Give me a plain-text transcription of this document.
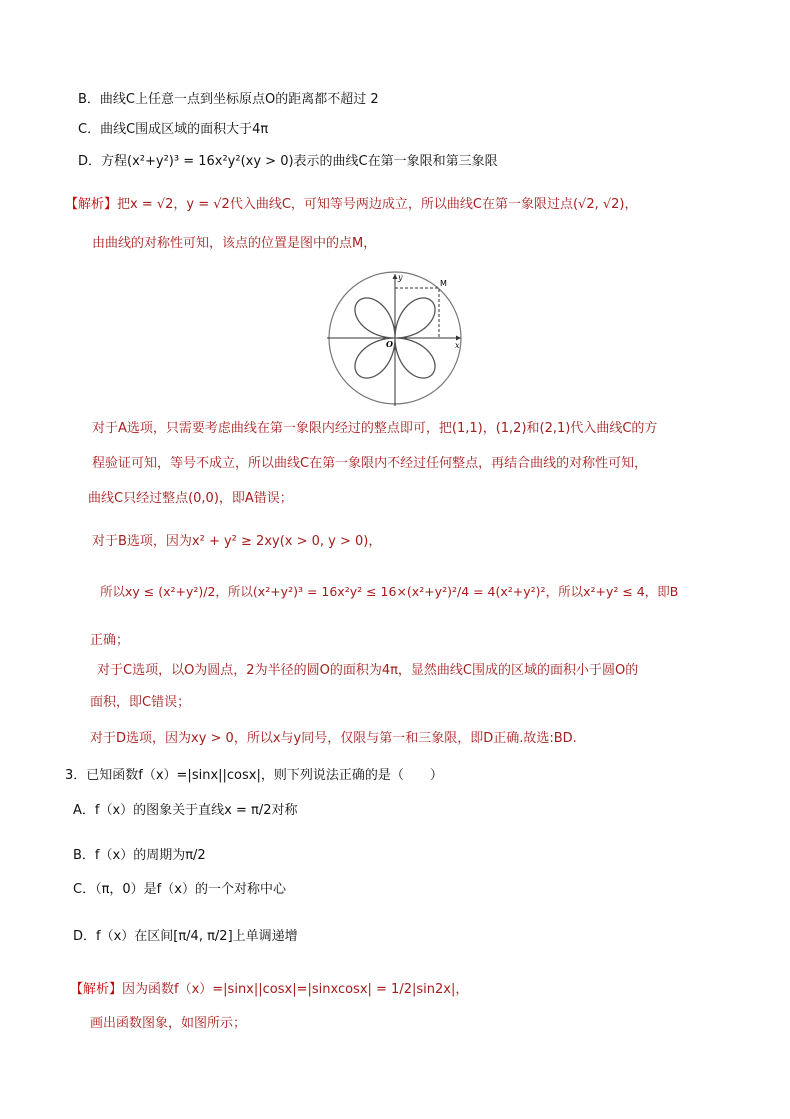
B．曲线C上任意一点到坐标原点O的距离都不超过 2
C．曲线C围成区域的面积大于4π
D．方程(x²+y²)³ = 16x²y²(xy > 0)表示的曲线C在第一象限和第三象限
【解析】把x = √2，y = √2代入曲线C，可知等号两边成立，所以曲线C在第一象限过点(√2, √2)，
由曲线的对称性可知，该点的位置是图中的点M，
y
x
O
M
对于A选项，只需要考虑曲线在第一象限内经过的整点即可，把(1,1)，(1,2)和(2,1)代入曲线C的方
程验证可知，等号不成立，所以曲线C在第一象限内不经过任何整点，再结合曲线的对称性可知，
曲线C只经过整点(0,0)，即A错误；
对于B选项，因为x² + y² ≥ 2xy(x > 0, y > 0)，
所以xy ≤ (x²+y²)/2，所以(x²+y²)³ = 16x²y² ≤ 16×(x²+y²)²/4 = 4(x²+y²)²，所以x²+y² ≤ 4，即B
正确；
对于C选项，以O为圆点，2为半径的圆O的面积为4π，显然曲线C围成的区域的面积小于圆O的
面积，即C错误；
对于D选项，因为xy > 0，所以x与y同号，仅限与第一和三象限，即D正确.故选:BD.
3．已知函数f（x）=|sinx||cosx|，则下列说法正确的是（　　）
A．f（x）的图象关于直线x = π/2对称
B．f（x）的周期为π/2
C．（π，0）是f（x）的一个对称中心
D．f（x）在区间[π/4, π/2]上单调递增
【解析】因为函数f（x）=|sinx||cosx|=|sinxcosx| = 1/2|sin2x|，
画出函数图象，如图所示；
